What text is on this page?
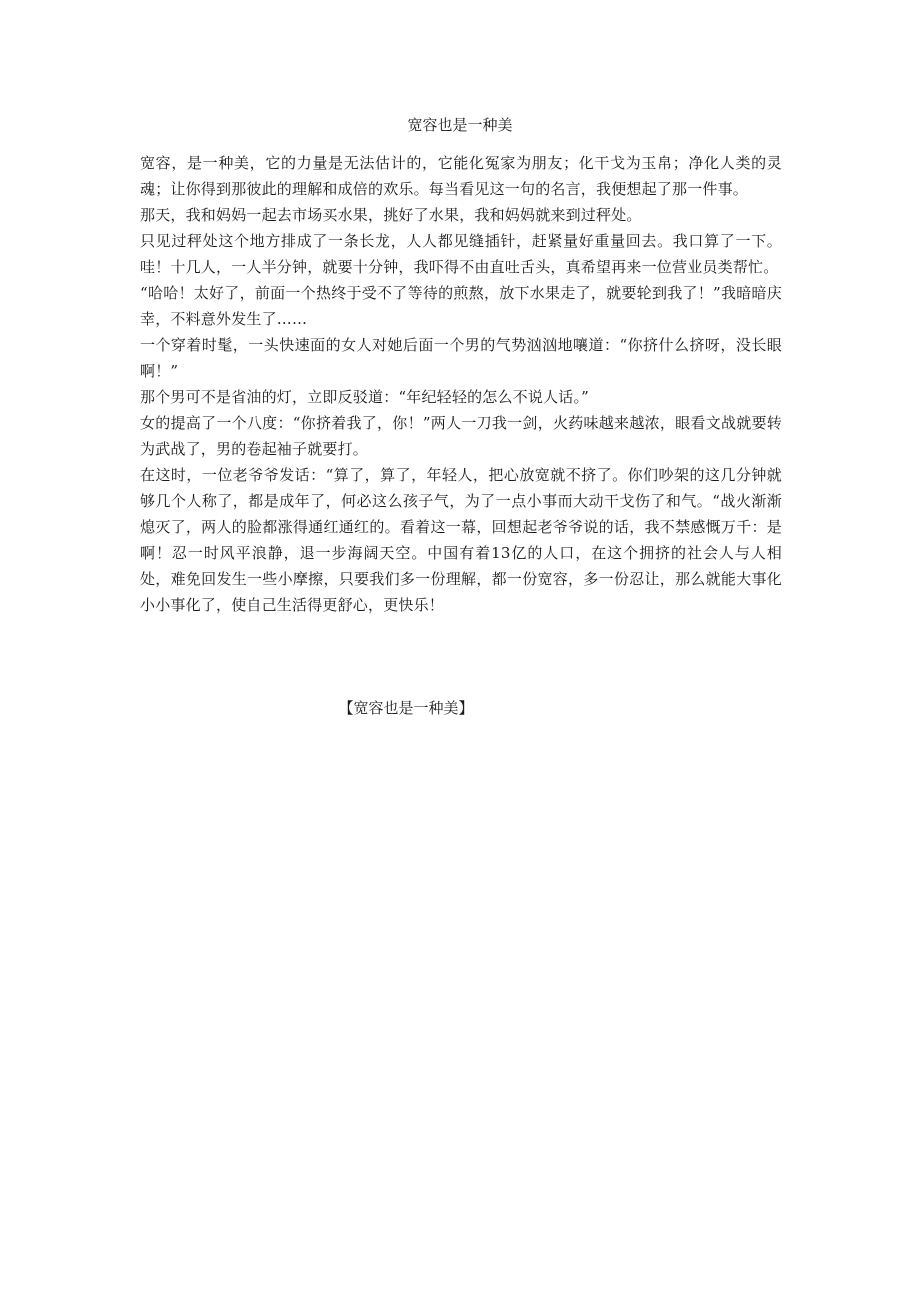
宽容也是一种美

宽容，是一种美，它的力量是无法估计的，它能化冤家为朋友；化干戈为玉帛；净化人类的灵魂；让你得到那彼此的理解和成倍的欢乐。每当看见这一句的名言，我便想起了那一件事。

那天，我和妈妈一起去市场买水果，挑好了水果，我和妈妈就来到过秤处。

只见过秤处这个地方排成了一条长龙，人人都见缝插针，赶紧量好重量回去。我口算了一下。哇！十几人，一人半分钟，就要十分钟，我吓得不由直吐舌头，真希望再来一位营业员类帮忙。

“哈哈！太好了，前面一个热终于受不了等待的煎熬，放下水果走了，就要轮到我了！”我暗暗庆幸，不料意外发生了……

一个穿着时髦，一头快速面的女人对她后面一个男的气势汹汹地嚷道：“你挤什么挤呀，没长眼啊！”

那个男可不是省油的灯，立即反驳道：“年纪轻轻的怎么不说人话。”

女的提高了一个八度：“你挤着我了，你！”两人一刀我一剑，火药味越来越浓，眼看文战就要转为武战了，男的卷起袖子就要打。

在这时，一位老爷爷发话：“算了，算了，年轻人，把心放宽就不挤了。你们吵架的这几分钟就够几个人称了，都是成年了，何必这么孩子气，为了一点小事而大动干戈伤了和气。“战火渐渐熄灭了，两人的脸都涨得通红通红的。看着这一幕，回想起老爷爷说的话，我不禁感慨万千：是啊！忍一时风平浪静，退一步海阔天空。中国有着13亿的人口，在这个拥挤的社会人与人相处，难免回发生一些小摩擦，只要我们多一份理解，都一份宽容，多一份忍让，那么就能大事化小小事化了，使自己生活得更舒心，更快乐！

【宽容也是一种美】
